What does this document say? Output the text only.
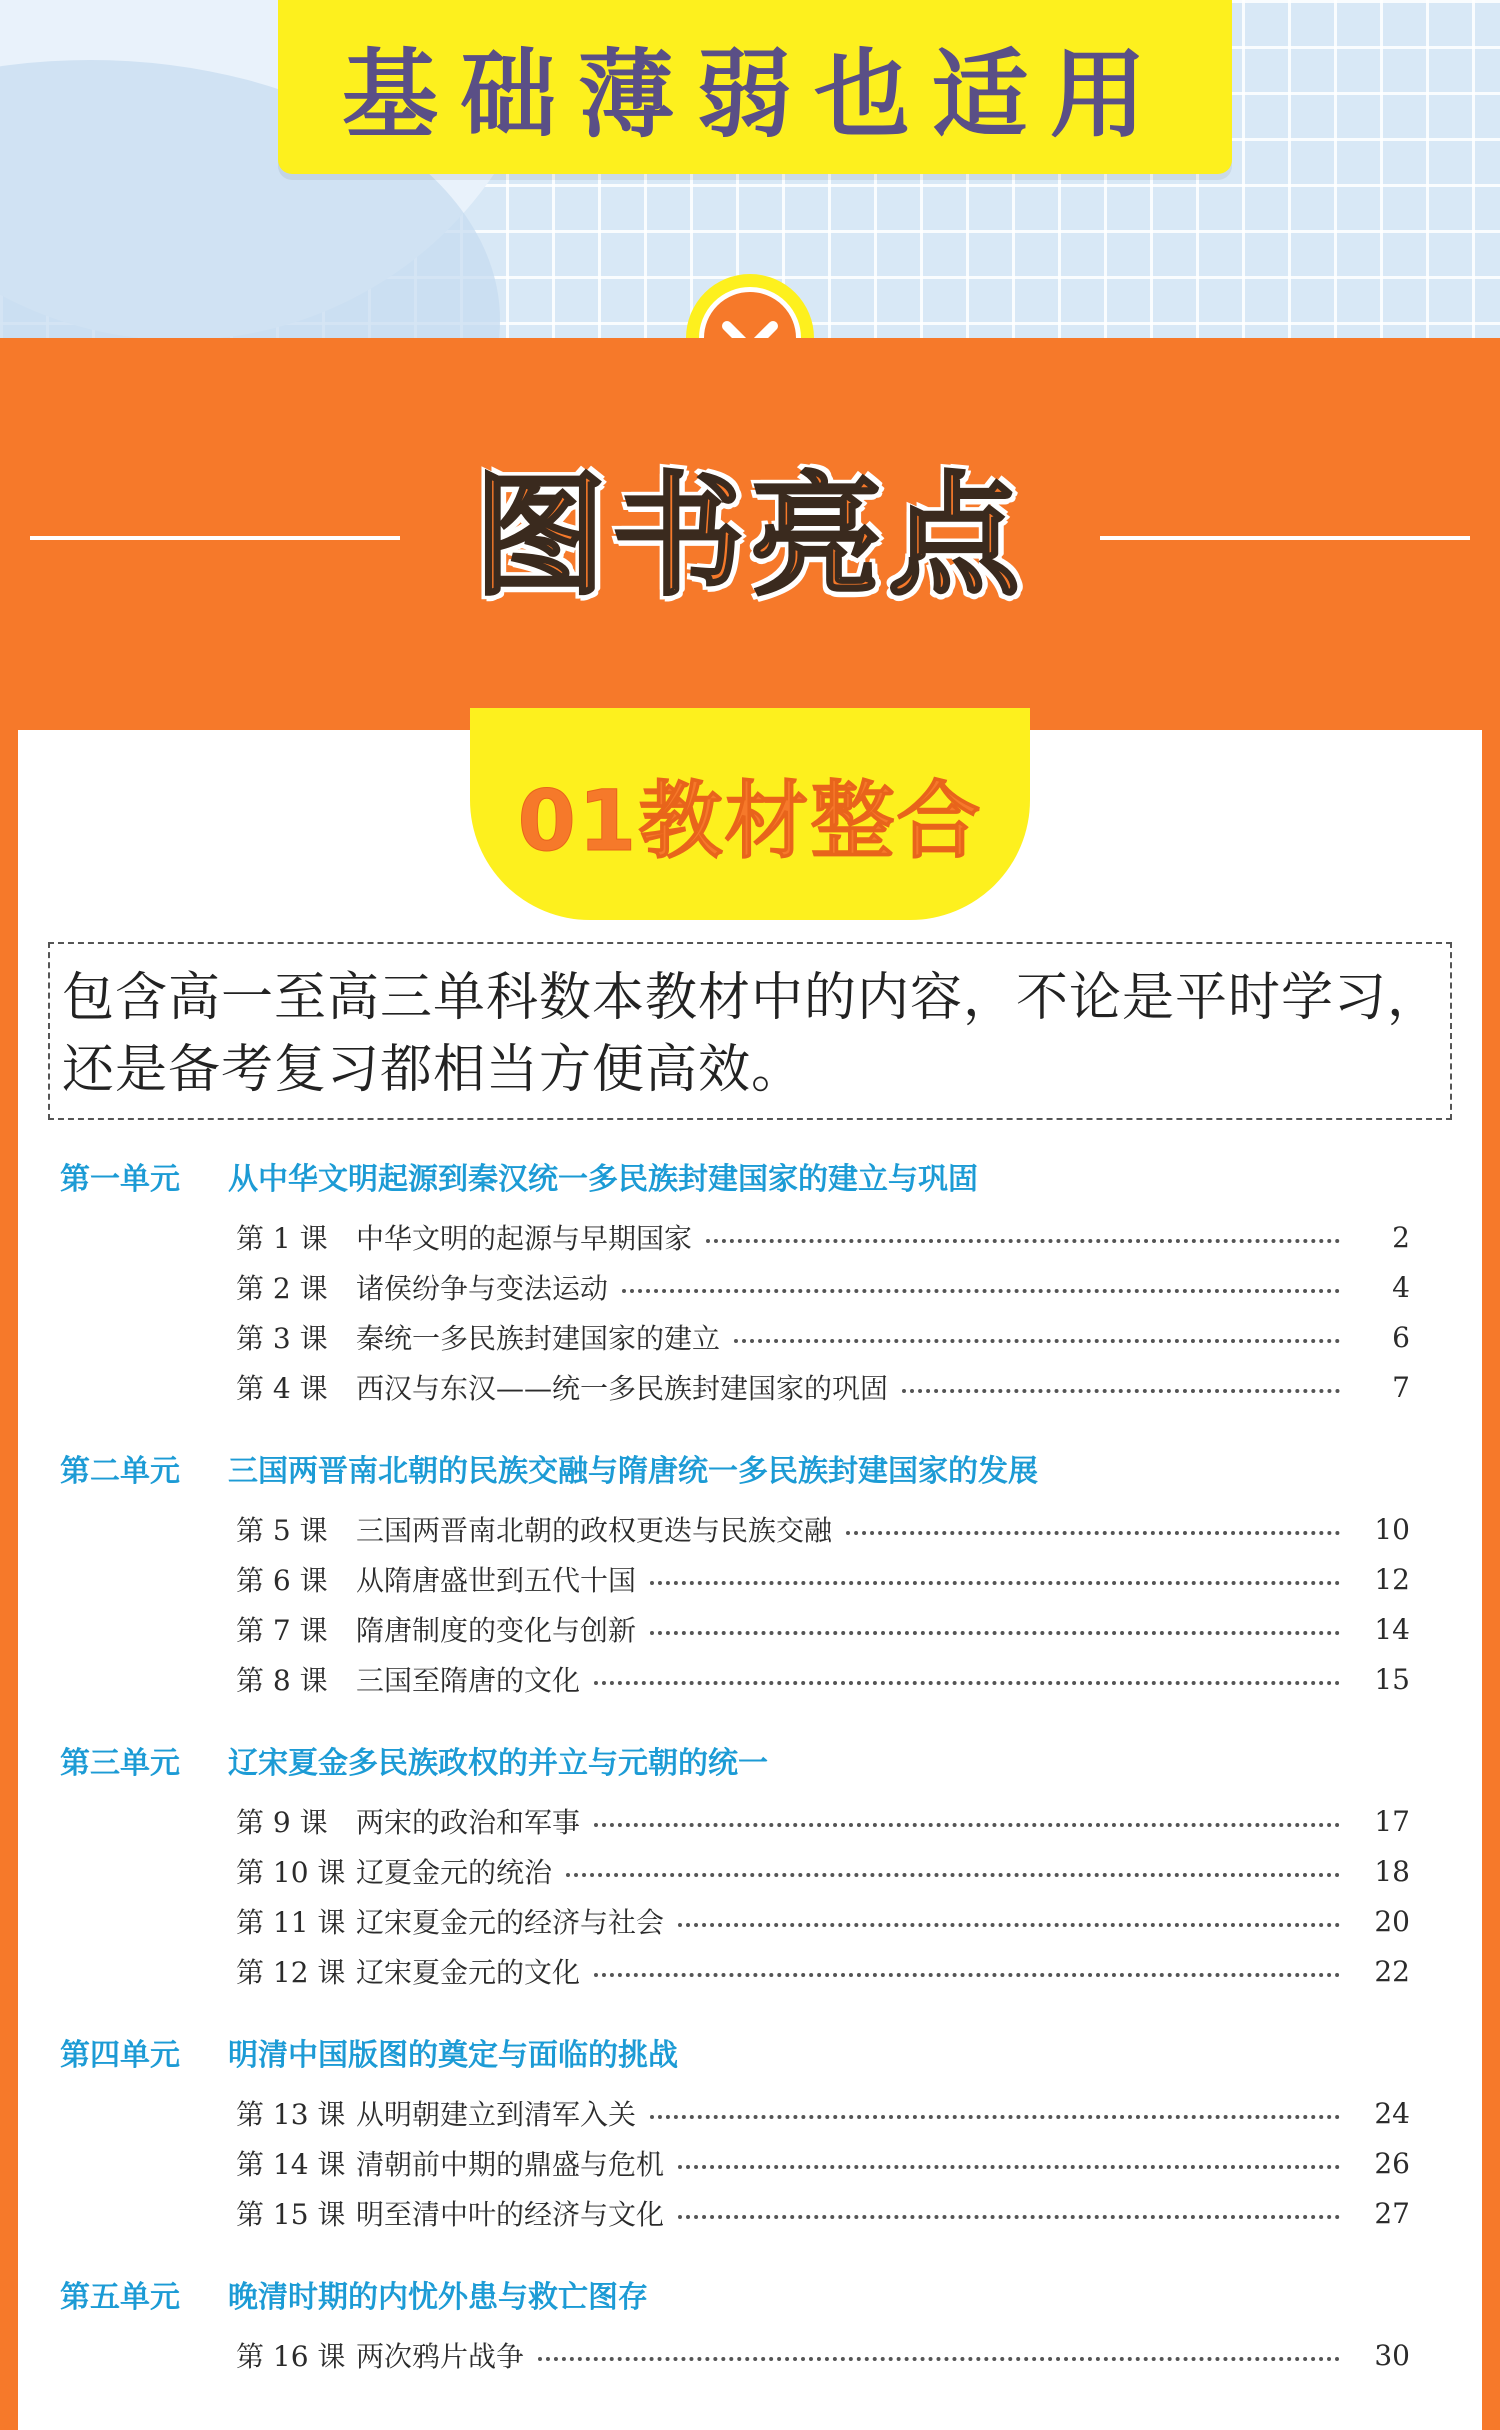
基础薄弱也适用
图书亮点
01教材整合

包含高一至高三单科数本教材中的内容，不论是平时学习，还是备考复习都相当方便高效。

第一单元	从中华文明起源到秦汉统一多民族封建国家的建立与巩固
第 1 课	中华文明的起源与早期国家	2
第 2 课	诸侯纷争与变法运动	4
第 3 课	秦统一多民族封建国家的建立	6
第 4 课	西汉与东汉——统一多民族封建国家的巩固	7
第二单元	三国两晋南北朝的民族交融与隋唐统一多民族封建国家的发展
第 5 课	三国两晋南北朝的政权更迭与民族交融	10
第 6 课	从隋唐盛世到五代十国	12
第 7 课	隋唐制度的变化与创新	14
第 8 课	三国至隋唐的文化	15
第三单元	辽宋夏金多民族政权的并立与元朝的统一
第 9 课	两宋的政治和军事	17
第 10 课 辽夏金元的统治	18
第 11 课 辽宋夏金元的经济与社会	20
第 12 课 辽宋夏金元的文化	22
第四单元	明清中国版图的奠定与面临的挑战
第 13 课 从明朝建立到清军入关	24
第 14 课 清朝前中期的鼎盛与危机	26
第 15 课 明至清中叶的经济与文化	27
第五单元	晚清时期的内忧外患与救亡图存
第 16 课 两次鸦片战争	30
